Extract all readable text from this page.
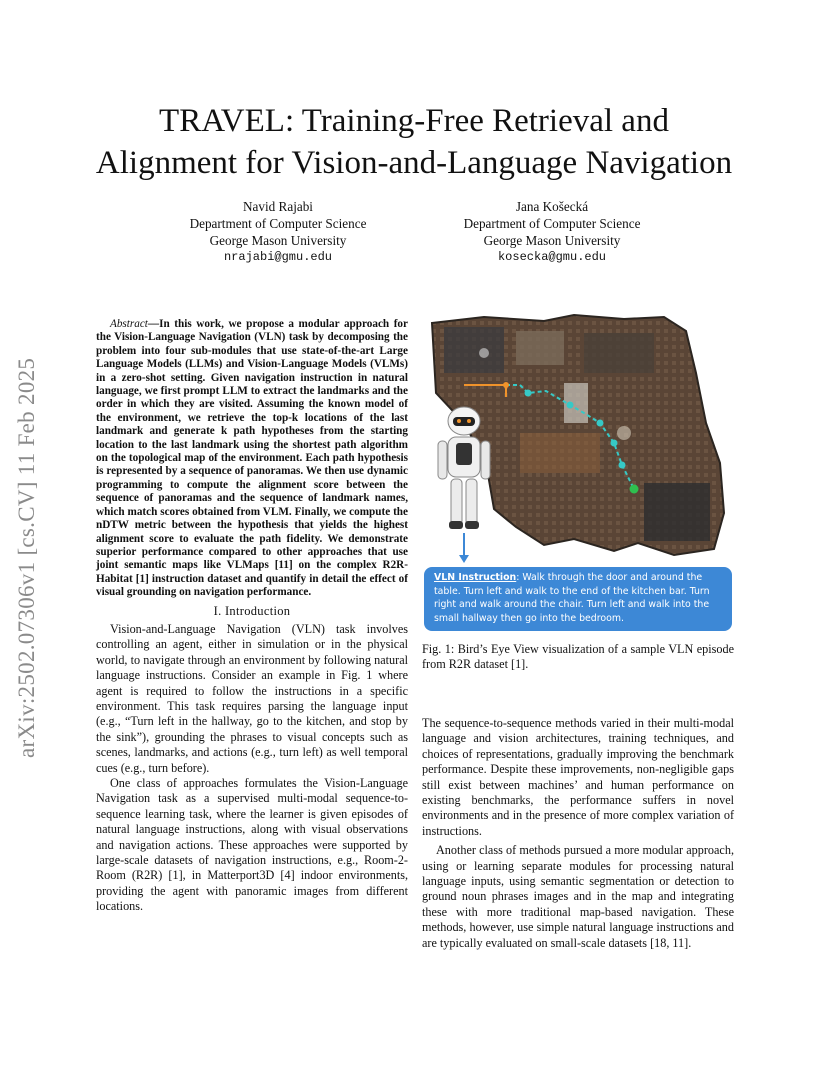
TRAVEL: Training-Free Retrieval and
Alignment for Vision-and-Language Navigation
Navid Rajabi
Department of Computer Science
George Mason University
nrajabi@gmu.edu
Jana Košecká
Department of Computer Science
George Mason University
kosecka@gmu.edu
arXiv:2502.07306v1 [cs.CV] 11 Feb 2025

Abstract—In this work, we propose a modular approach for the Vision-Language Navigation (VLN) task by decomposing the problem into four sub-modules that use state-of-the-art Large Language Models (LLMs) and Vision-Language Models (VLMs) in a zero-shot setting. Given navigation instruction in natural language, we first prompt LLM to extract the landmarks and the order in which they are visited. Assuming the known model of the environment, we retrieve the top-k locations of the last landmark and generate k path hypotheses from the starting location to the last landmark using the shortest path algorithm on the topological map of the environment. Each path hypothesis is represented by a sequence of panoramas. We then use dynamic programming to compute the alignment score between the sequence of panoramas and the sequence of landmark names, which match scores obtained from VLM. Finally, we compute the nDTW metric between the hypothesis that yields the highest alignment score to evaluate the path fidelity. We demonstrate superior performance compared to other approaches that use joint semantic maps like VLMaps [11] on the complex R2R-Habitat [1] instruction dataset and quantify in detail the effect of visual grounding on navigation performance.

I. Introduction

Vision-and-Language Navigation (VLN) task involves controlling an agent, either in simulation or in the physical world, to navigate through an environment by following natural language instructions. Consider an example in Fig. 1 where agent is required to follow the instructions in a specific environment. This task requires parsing the language input (e.g., “Turn left in the hallway, go to the kitchen, and stop by the sink”), grounding the phrases to visual concepts such as scenes, landmarks, and actions (e.g., turn left) as well temporal cues (e.g., turn before).

One class of approaches formulates the Vision-Language Navigation task as a supervised multi-modal sequence-to-sequence learning task, where the learner is given episodes of natural language instructions, along with visual observations and navigation actions. These approaches were supported by large-scale datasets of navigation instructions, e.g., Room-2-Room (R2R) [1], in Matterport3D [4] indoor environments, providing the agent with panoramic images from different locations.

VLN Instruction: Walk through the door and around the table. Turn left and walk to the end of the kitchen bar. Turn right and walk around the chair. Turn left and walk into the small hallway then go into the bedroom.
Fig. 1: Bird’s Eye View visualization of a sample VLN episode from R2R dataset [1].

The sequence-to-sequence methods varied in their multi-modal language and vision architectures, training techniques, and choices of representations, gradually improving the benchmark performance. Despite these improvements, non-negligible gaps still exist between machines’ and human performance on existing benchmarks, the performance suffers in novel environments and in the presence of more complex variation of instructions.

Another class of methods pursued a more modular approach, using or learning separate modules for processing natural language inputs, using semantic segmentation or detection to ground noun phrases images and in the map and integrating these with more traditional map-based navigation. These methods, however, use simple natural language instructions and are typically evaluated on small-scale datasets [18, 11].
